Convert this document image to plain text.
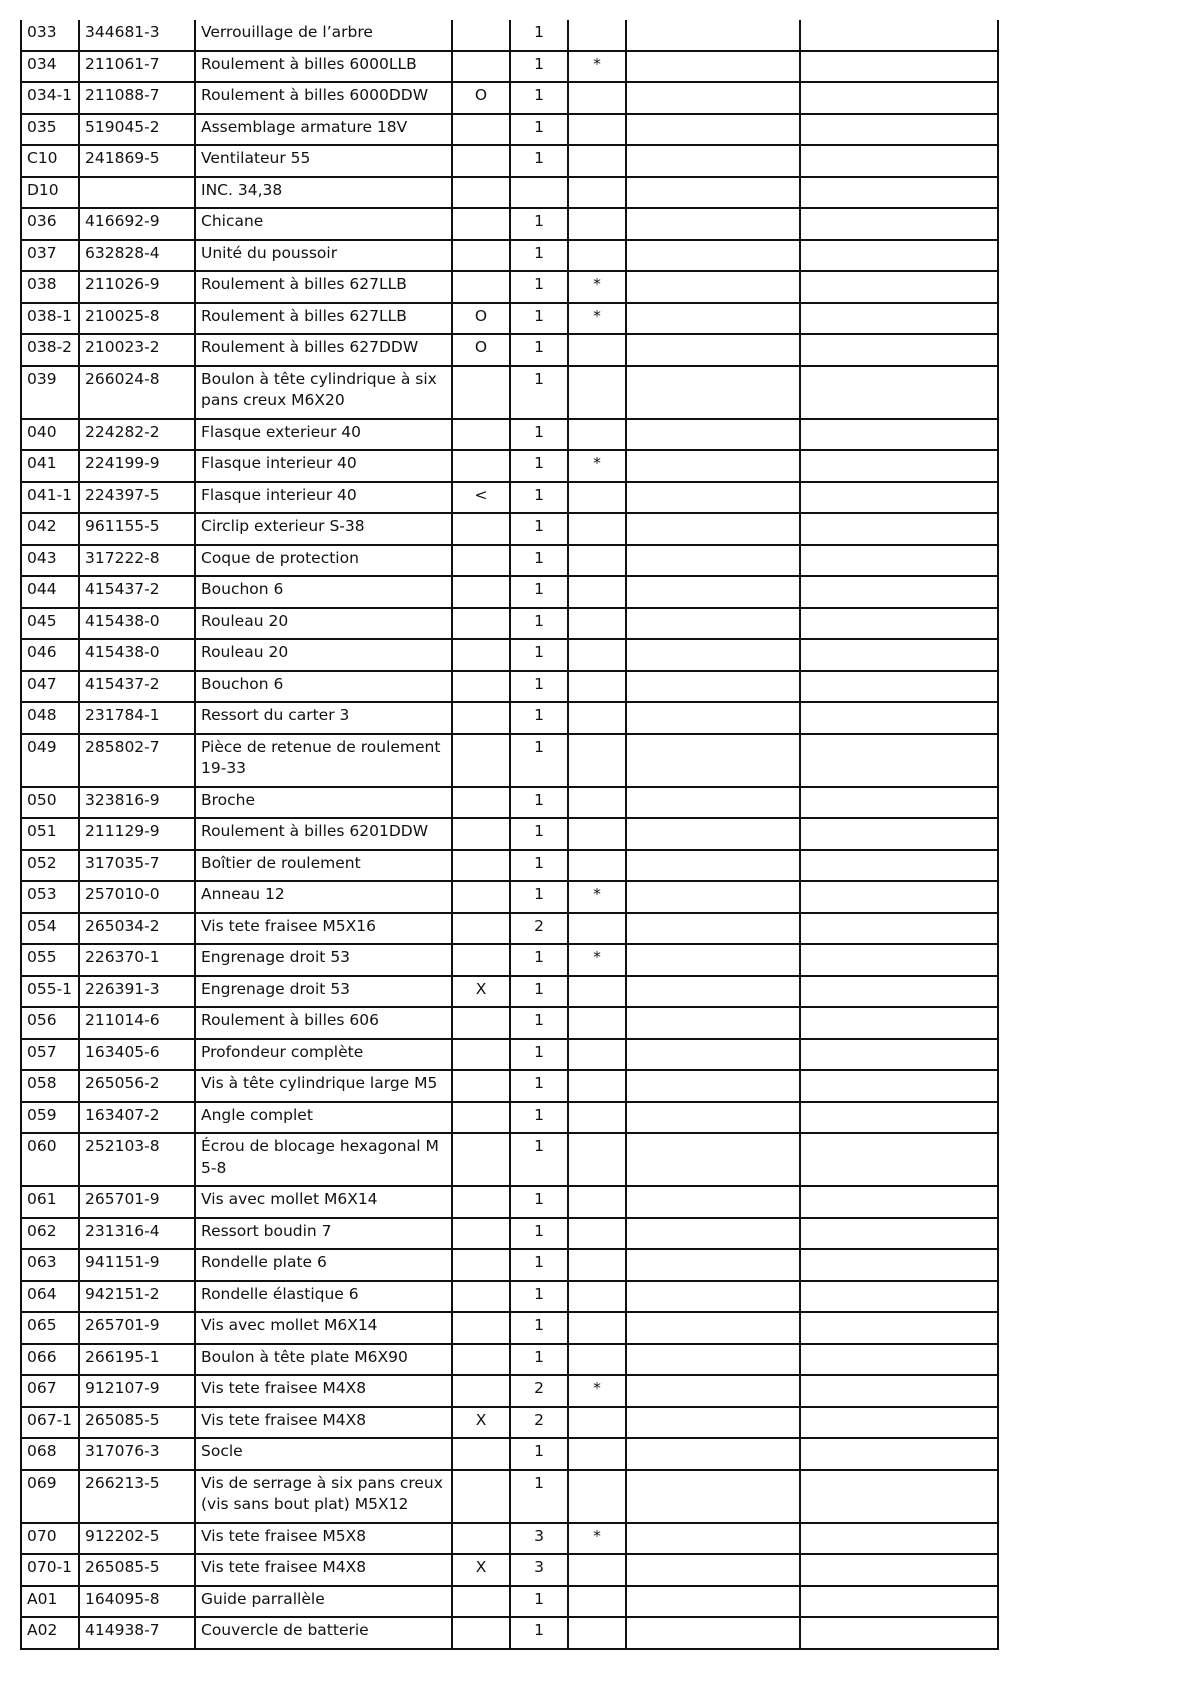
033	344681-3	Verrouillage de l’arbre		1			
034	211061-7	Roulement à billes 6000LLB		1	*		
034-1	211088-7	Roulement à billes 6000DDW	O	1			
035	519045-2	Assemblage armature 18V		1			
C10	241869-5	Ventilateur 55		1			
D10		INC. 34,38					
036	416692-9	Chicane		1			
037	632828-4	Unité du poussoir		1			
038	211026-9	Roulement à billes 627LLB		1	*		
038-1	210025-8	Roulement à billes 627LLB	O	1	*		
038-2	210023-2	Roulement à billes 627DDW	O	1			
039	266024-8	Boulon à tête cylindrique à six pans creux M6X20		1			
040	224282-2	Flasque exterieur 40		1			
041	224199-9	Flasque interieur 40		1	*		
041-1	224397-5	Flasque interieur 40	<	1			
042	961155-5	Circlip exterieur S-38		1			
043	317222-8	Coque de protection		1			
044	415437-2	Bouchon 6		1			
045	415438-0	Rouleau 20		1			
046	415438-0	Rouleau 20		1			
047	415437-2	Bouchon 6		1			
048	231784-1	Ressort du carter 3		1			
049	285802-7	Pièce de retenue de roulement 19-33		1			
050	323816-9	Broche		1			
051	211129-9	Roulement à billes 6201DDW		1			
052	317035-7	Boîtier de roulement		1			
053	257010-0	Anneau 12		1	*		
054	265034-2	Vis tete fraisee M5X16		2			
055	226370-1	Engrenage droit 53		1	*		
055-1	226391-3	Engrenage droit 53	X	1			
056	211014-6	Roulement à billes 606		1			
057	163405-6	Profondeur complète		1			
058	265056-2	Vis à tête cylindrique large M5		1			
059	163407-2	Angle complet		1			
060	252103-8	Écrou de blocage hexagonal M5-8		1			
061	265701-9	Vis avec mollet M6X14		1			
062	231316-4	Ressort boudin 7		1			
063	941151-9	Rondelle plate 6		1			
064	942151-2	Rondelle élastique 6		1			
065	265701-9	Vis avec mollet M6X14		1			
066	266195-1	Boulon à tête plate M6X90		1			
067	912107-9	Vis tete fraisee M4X8		2	*		
067-1	265085-5	Vis tete fraisee M4X8	X	2			
068	317076-3	Socle		1			
069	266213-5	Vis de serrage à six pans creux (vis sans bout plat) M5X12		1			
070	912202-5	Vis tete fraisee M5X8		3	*		
070-1	265085-5	Vis tete fraisee M4X8	X	3			
A01	164095-8	Guide parrallèle		1			
A02	414938-7	Couvercle de batterie		1			
